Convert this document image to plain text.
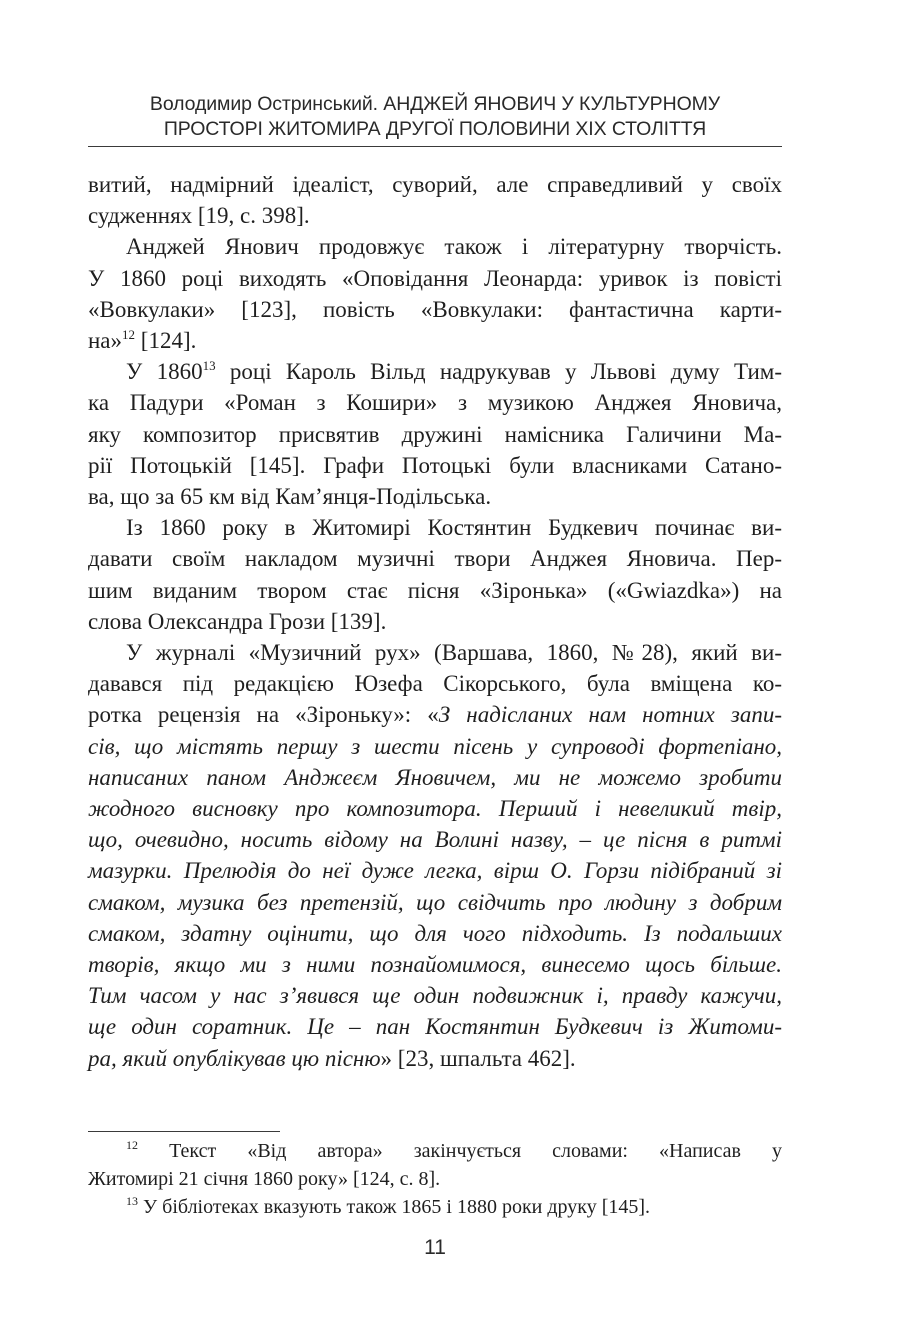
Володимир Остринський. АНДЖЕЙ ЯНОВИЧ У КУЛЬТУРНОМУ
ПРОСТОРІ ЖИТОМИРА ДРУГОЇ ПОЛОВИНИ XIX СТОЛІТТЯ

витий, надмірний ідеаліст, суворий, але справедливий у своїх
судженнях [19, с. 398].

Анджей Янович продовжує також і літературну творчість.
У 1860 році виходять «Оповідання Леонарда: уривок із повісті
«Вовкулаки» [123], повість «Вовкулаки: фантастична карти-
на»$^{12}$ [124].

У 1860$^{13}$ році Кароль Вільд надрукував у Львові думу Тим-
ка Падури «Роман з Кошири» з музикою Анджея Яновича,
яку композитор присвятив дружині намісника Галичини Ма-
рії Потоцькій [145]. Графи Потоцькі були власниками Сатано-
ва, що за 65 км від Кам’янця-Подільська.

Із 1860 року в Житомирі Костянтин Будкевич починає ви-
давати своїм накладом музичні твори Анджея Яновича. Пер-
шим виданим твором стає пісня «Зіронька» («Gwiazdka») на
слова Олександра Грози [139].

У журналі «Музичний рух» (Варшава, 1860, №28), який ви-
давався під редакцією Юзефа Сікорського, була вміщена ко-
ротка рецензія на «Зіроньку»: «З надісланих нам нотних запи-
сів, що містять першу з шести пісень у супроводі фортепіано,
написаних паном Анджеєм Яновичем, ми не можемо зробити
жодного висновку про композитора. Перший і невеликий твір,
що, очевидно, носить відому на Волині назву, – це пісня в ритмі
мазурки. Прелюдія до неї дуже легка, вірш О. Горзи підібраний зі
смаком, музика без претензій, що свідчить про людину з добрим
смаком, здатну оцінити, що для чого підходить. Із подальших
творів, якщо ми з ними познайомимося, винесемо щось більше.
Тим часом у нас з’явився ще один подвижник і, правду кажучи,
ще один соратник. Це – пан Костянтин Будкевич із Житоми-
ра, який опублікував цю пісню» [23, шпальта 462].

$^{12}$ Текст «Від автора» закінчується словами: «Написав у
Житомирі 21 січня 1860 року» [124, с. 8].

$^{13}$ У бібліотеках вказують також 1865 і 1880 роки друку [145].

11
